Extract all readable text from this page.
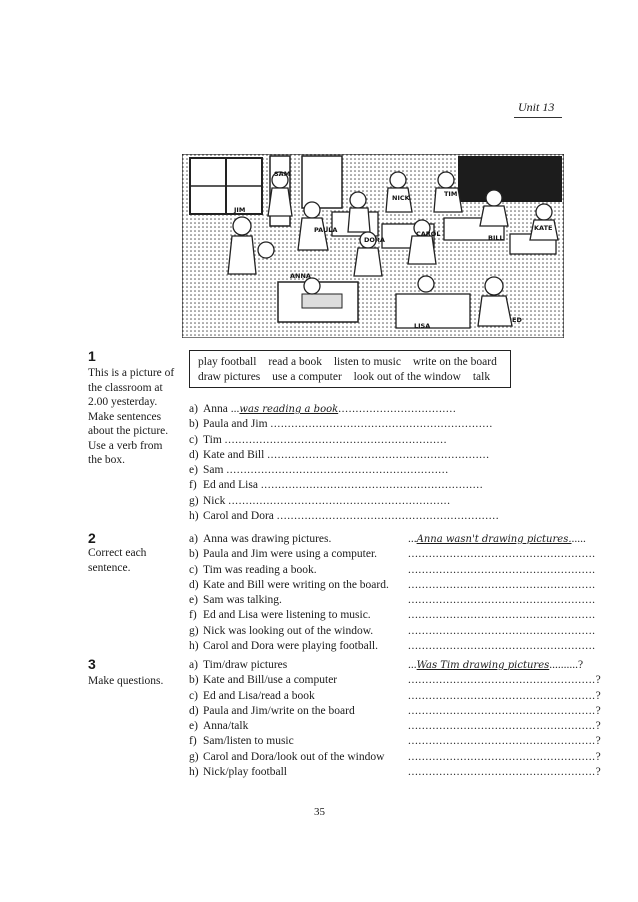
Unit 13
JIM
SAM
PAULA
NICK	TIM
DORA
CAROL	BILL
KATE
ANNA
LISA
ED
1
This is a picture of
the classroom at
2.00 yesterday.
Make sentences
about the picture.
Use a verb from
the box.
play football read a book listen to music write on the board
draw pictures use a computer look out of the window talk
a) Anna ...was reading a book..................................
b) Paula and Jim ................................................................
c) Tim ................................................................
d) Kate and Bill ................................................................
e) Sam ................................................................
f) Ed and Lisa ................................................................
g) Nick ................................................................
h) Carol and Dora ................................................................
2
Correct each
sentence.
a) Anna was drawing pictures.
b) Paula and Jim were using a computer.
c) Tim was reading a book.
d) Kate and Bill were writing on the board.
e) Sam was talking.
f) Ed and Lisa were listening to music.
g) Nick was looking out of the window.
h) Carol and Dora were playing football.
...Anna wasn't drawing pictures......
......................................................
......................................................
......................................................
......................................................
......................................................
......................................................
......................................................
3
Make questions.
a) Tim/draw pictures
b) Kate and Bill/use a computer
c) Ed and Lisa/read a book
d) Paula and Jim/write on the board
e) Anna/talk
f) Sam/listen to music
g) Carol and Dora/look out of the window
h) Nick/play football
...Was Tim drawing pictures..........?
......................................................?
......................................................?
......................................................?
......................................................?
......................................................?
......................................................?
......................................................?
35
